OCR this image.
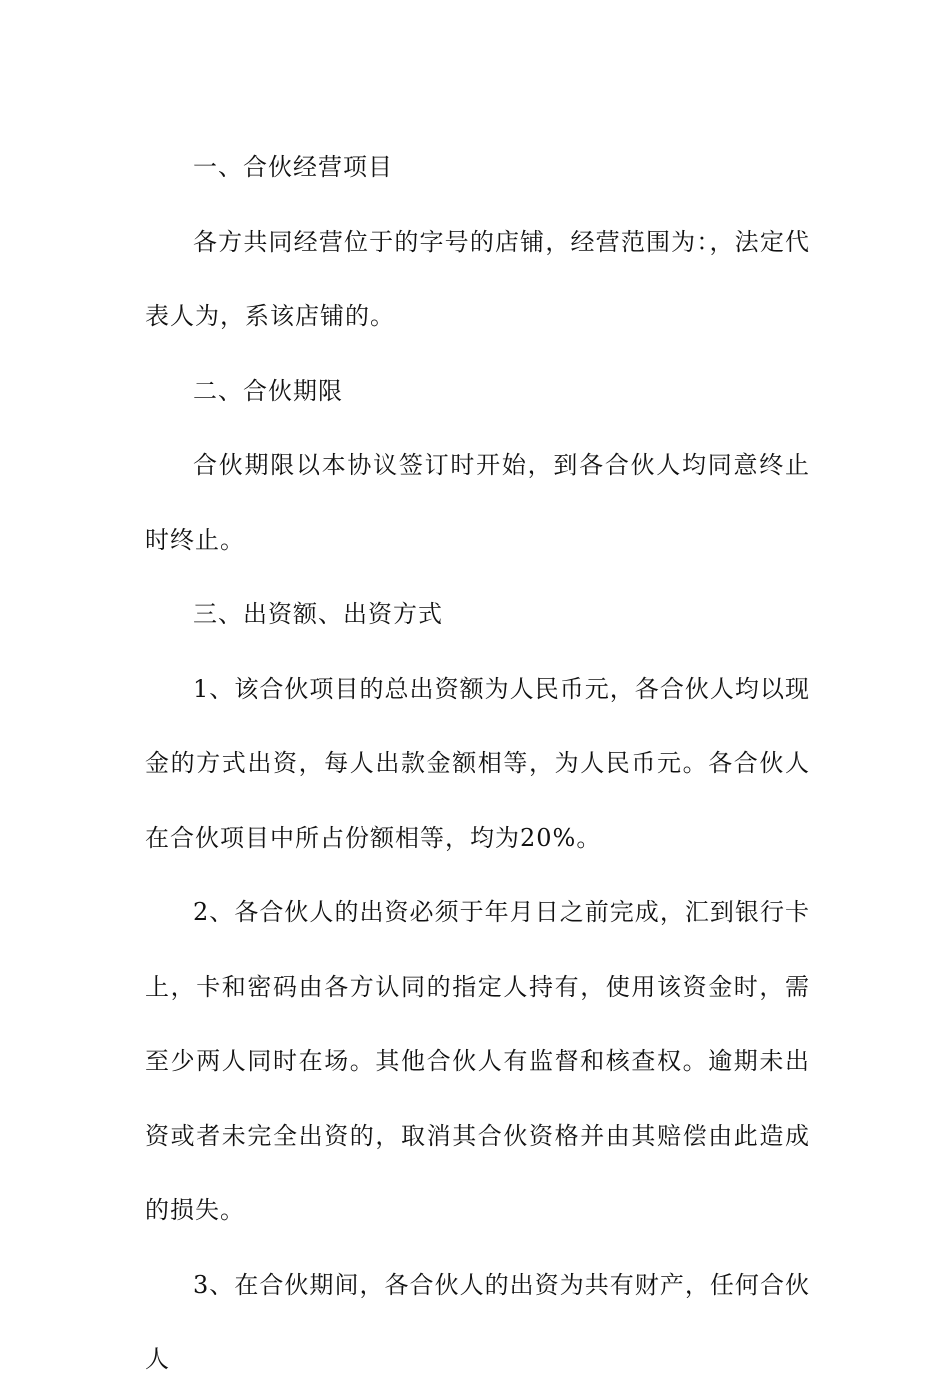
一、合伙经营项目

各方共同经营位于的字号的店铺，经营范围为：，法定代表人为，系该店铺的。

二、合伙期限

合伙期限以本协议签订时开始，到各合伙人均同意终止时终止。

三、出资额、出资方式

1、该合伙项目的总出资额为人民币元，各合伙人均以现金的方式出资，每人出款金额相等，为人民币元。各合伙人在合伙项目中所占份额相等，均为20%。

2、各合伙人的出资必须于年月日之前完成，汇到银行卡上，卡和密码由各方认同的指定人持有，使用该资金时，需至少两人同时在场。其他合伙人有监督和核查权。逾期未出资或者未完全出资的，取消其合伙资格并由其赔偿由此造成的损失。

3、在合伙期间，各合伙人的出资为共有财产，任何合伙人
